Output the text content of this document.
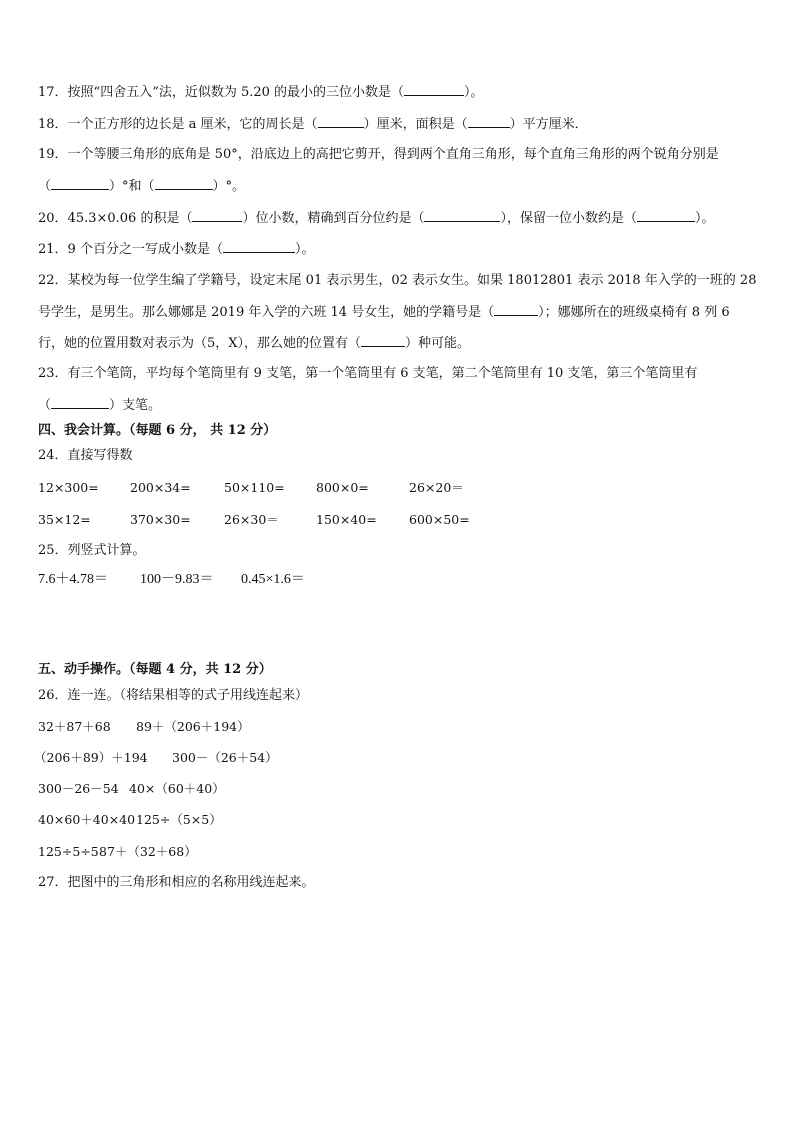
17．按照“四舍五入”法，近似数为 5.20 的最小的三位小数是（	）。
18．一个正方形的边长是 a 厘米，它的周长是（	）厘米，面积是（	）平方厘米．
19．一个等腰三角形的底角是 50°，沿底边上的高把它剪开，得到两个直角三角形，每个直角三角形的两个锐角分别是
（	）°和（	）°。
20．45.3×0.06 的积是（	）位小数，精确到百分位约是（	），保留一位小数约是（	）。
21．9 个百分之一写成小数是（	）。
22．某校为每一位学生编了学籍号，设定末尾 01 表示男生，02 表示女生。如果 18012801 表示 2018 年入学的一班的 28
号学生，是男生。那么娜娜是 2019 年入学的六班 14 号女生，她的学籍号是（	）；娜娜所在的班级桌椅有 8 列 6
行，她的位置用数对表示为（5，X），那么她的位置有（	）种可能。
23．有三个笔筒，平均每个笔筒里有 9 支笔，第一个笔筒里有 6 支笔，第二个笔筒里有 10 支笔，第三个笔筒里有
（	）支笔。
四、我会计算。（每题 6 分， 共 12 分）
24．直接写得数
12×300=	200×34=	50×110=	800×0=	26×20＝
35×12=	370×30=	26×30＝	150×40=	600×50=
25．列竖式计算。
7.6＋4.78＝ 100－9.83＝ 0.45×1.6＝
五、动手操作。（每题 4 分，共 12 分）
26．连一连。（将结果相等的式子用线连起来）
32＋87＋68 89＋（206＋194）
（206＋89）＋194 300－（26＋54）
300－26－54 40×（60＋40）
40×60＋40×40 125÷（5×5）
125÷5÷5 87＋（32＋68）
27．把图中的三角形和相应的名称用线连起来。
